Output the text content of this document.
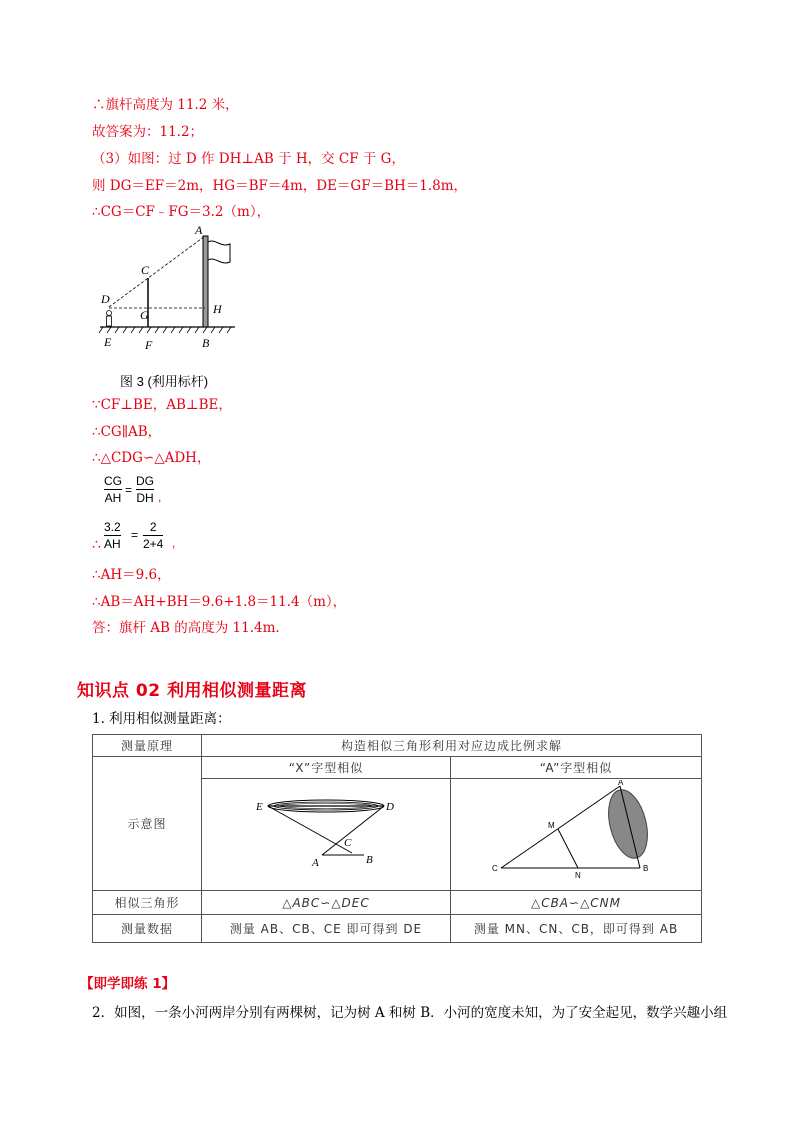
∴旗杆高度为 11.2 米，
故答案为：11.2；
（3）如图：过 D 作 DH⊥AB 于 H，交 CF 于 G，
则 DG＝EF＝2m，HG＝BF＝4m，DE＝GF＝BH＝1.8m，
∴CG＝CF﹣FG＝3.2（m），
A
C
D
G	H
E	F	B
图 3 (利用标杆)
∵CF⊥BE，AB⊥BE，
∴CG∥AB，
∴△CDG∽△ADH，
CG
AH
=
DG
DH ,
∴
3.2
AH
=
2
2+4 ,
∴AH＝9.6，
∴AB＝AH+BH＝9.6+1.8＝11.4（m），
答：旗杆 AB 的高度为 11.4m.
知识点 02 利用相似测量距离
1. 利用相似测量距离：
测量原理	构造相似三角形利用对应边成比例求解	
示意图	“X”字型相似	“A”字型相似

E D
C
A B	A
M
C
N
B

相似三角形	△ABC∽△DEC	△CBA∽△CNM
测量数据	测量 AB、CB、CE 即可得到 DE	测量 MN、CN、CB，即可得到 AB
【即学即练 1】
2．如图，一条小河两岸分别有两棵树，记为树 A 和树 B．小河的宽度未知，为了安全起见，数学兴趣小组
